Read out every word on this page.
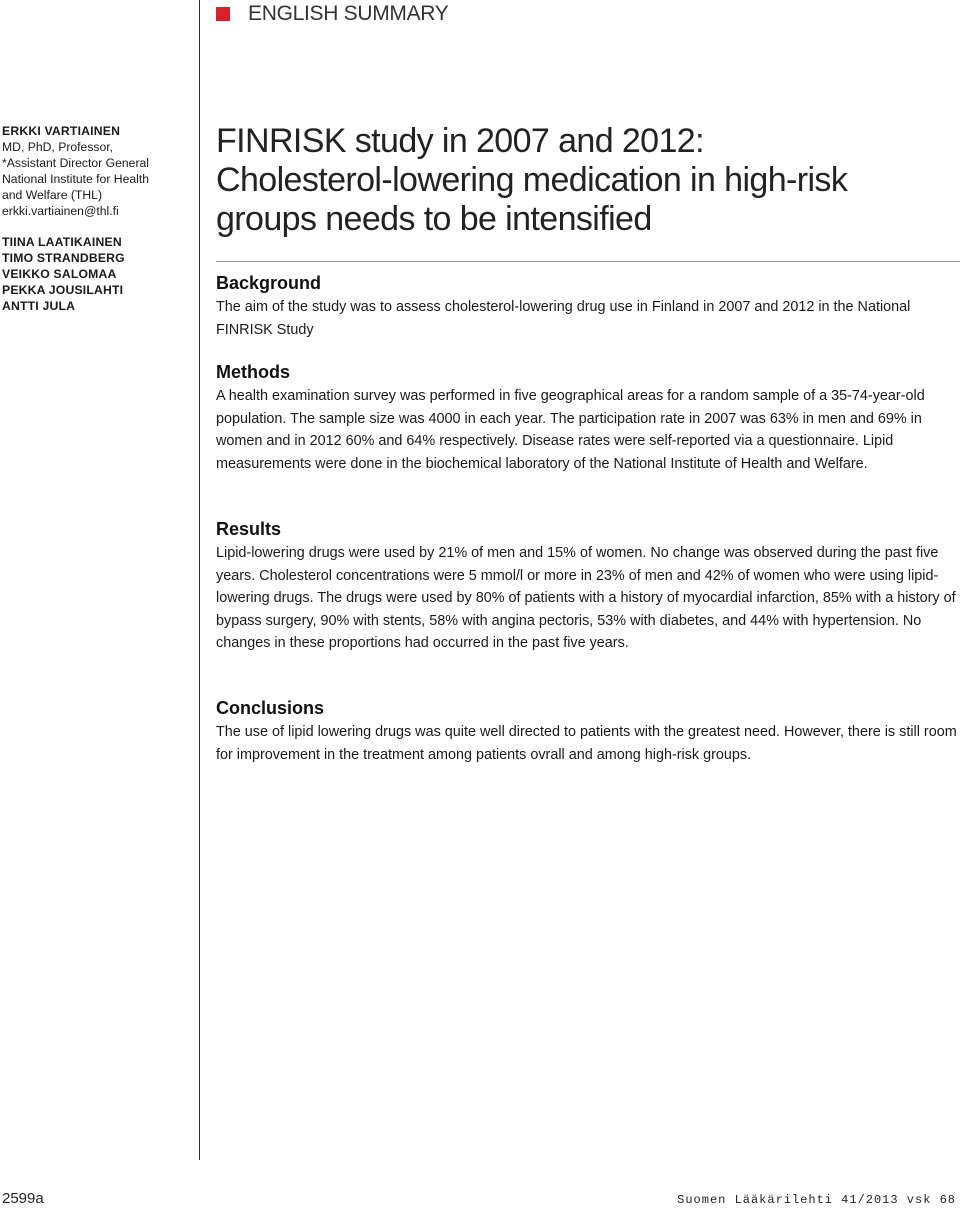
ENGLISH SUMMARY
ERKKI VARTIAINEN
MD, PhD, Professor,
*Assistant Director General
National Institute for Health
and Welfare (THL)
erkki.vartiainen@thl.fi
TIINA LAATIKAINEN
TIMO STRANDBERG
VEIKKO SALOMAA
PEKKA JOUSILAHTI
ANTTI JULA
FINRISK study in 2007 and 2012:
Cholesterol-lowering medication in high-risk
groups needs to be intensified
Background

The aim of the study was to assess cholesterol-lowering drug use in Finland in 2007 and 2012 in the National FINRISK Study

Methods

A health examination survey was performed in five geographical areas for a random sample of a 35-74-year-old population. The sample size was 4000 in each year. The participation rate in 2007 was 63% in men and 69% in women and in 2012 60% and 64% respectively. Disease rates were self-reported via a questionnaire. Lipid measurements were done in the biochemical laboratory of the National Institute of Health and Welfare.

Results

Lipid-lowering drugs were used by 21% of men and 15% of women. No change was observed during the past five years. Cholesterol concentrations were 5 mmol/l or more in 23% of men and 42% of women who were using lipid-lowering drugs. The drugs were used by 80% of patients with a history of myocardial infarction, 85% with a history of bypass surgery, 90% with stents, 58% with angina pectoris, 53% with diabetes, and 44% with hypertension. No changes in these proportions had occurred in the past five years.

Conclusions

The use of lipid lowering drugs was quite well directed to patients with the greatest need. However, there is still room for improvement in the treatment among patients ovrall and among high-risk groups.

2599a	Suomen Lääkärilehti 41/2013 vsk 68
